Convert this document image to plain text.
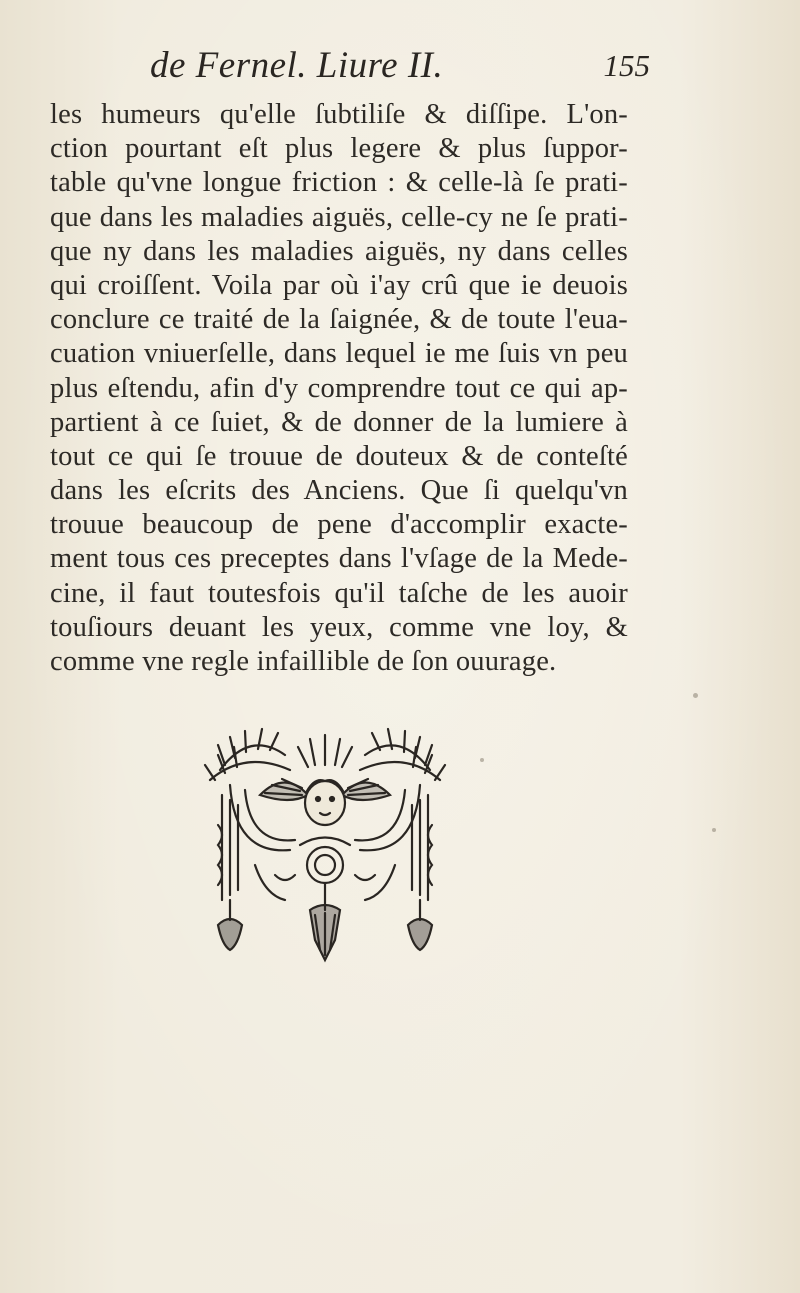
de Fernel. Liure II.	155
les humeurs qu'elle ſubtiliſe & diſſipe. L'on-
ction pourtant eſt plus legere & plus ſuppor-
table qu'vne longue friction : & celle-là ſe prati-
que dans les maladies aiguës, celle-cy ne ſe prati-
que ny dans les maladies aiguës, ny dans celles
qui croiſſent. Voila par où i'ay crû que ie deuois
conclure ce traité de la ſaignée, & de toute l'eua-
cuation vniuerſelle, dans lequel ie me ſuis vn peu
plus eſtendu, afin d'y comprendre tout ce qui ap-
partient à ce ſuiet, & de donner de la lumiere à
tout ce qui ſe trouue de douteux & de conteſté
dans les eſcrits des Anciens. Que ſi quelqu'vn
trouue beaucoup de pene d'accomplir exacte-
ment tous ces preceptes dans l'vſage de la Mede-
cine, il faut toutesfois qu'il taſche de les auoir
touſiours deuant les yeux, comme vne loy, &
comme vne regle infaillible de ſon ouurage.
